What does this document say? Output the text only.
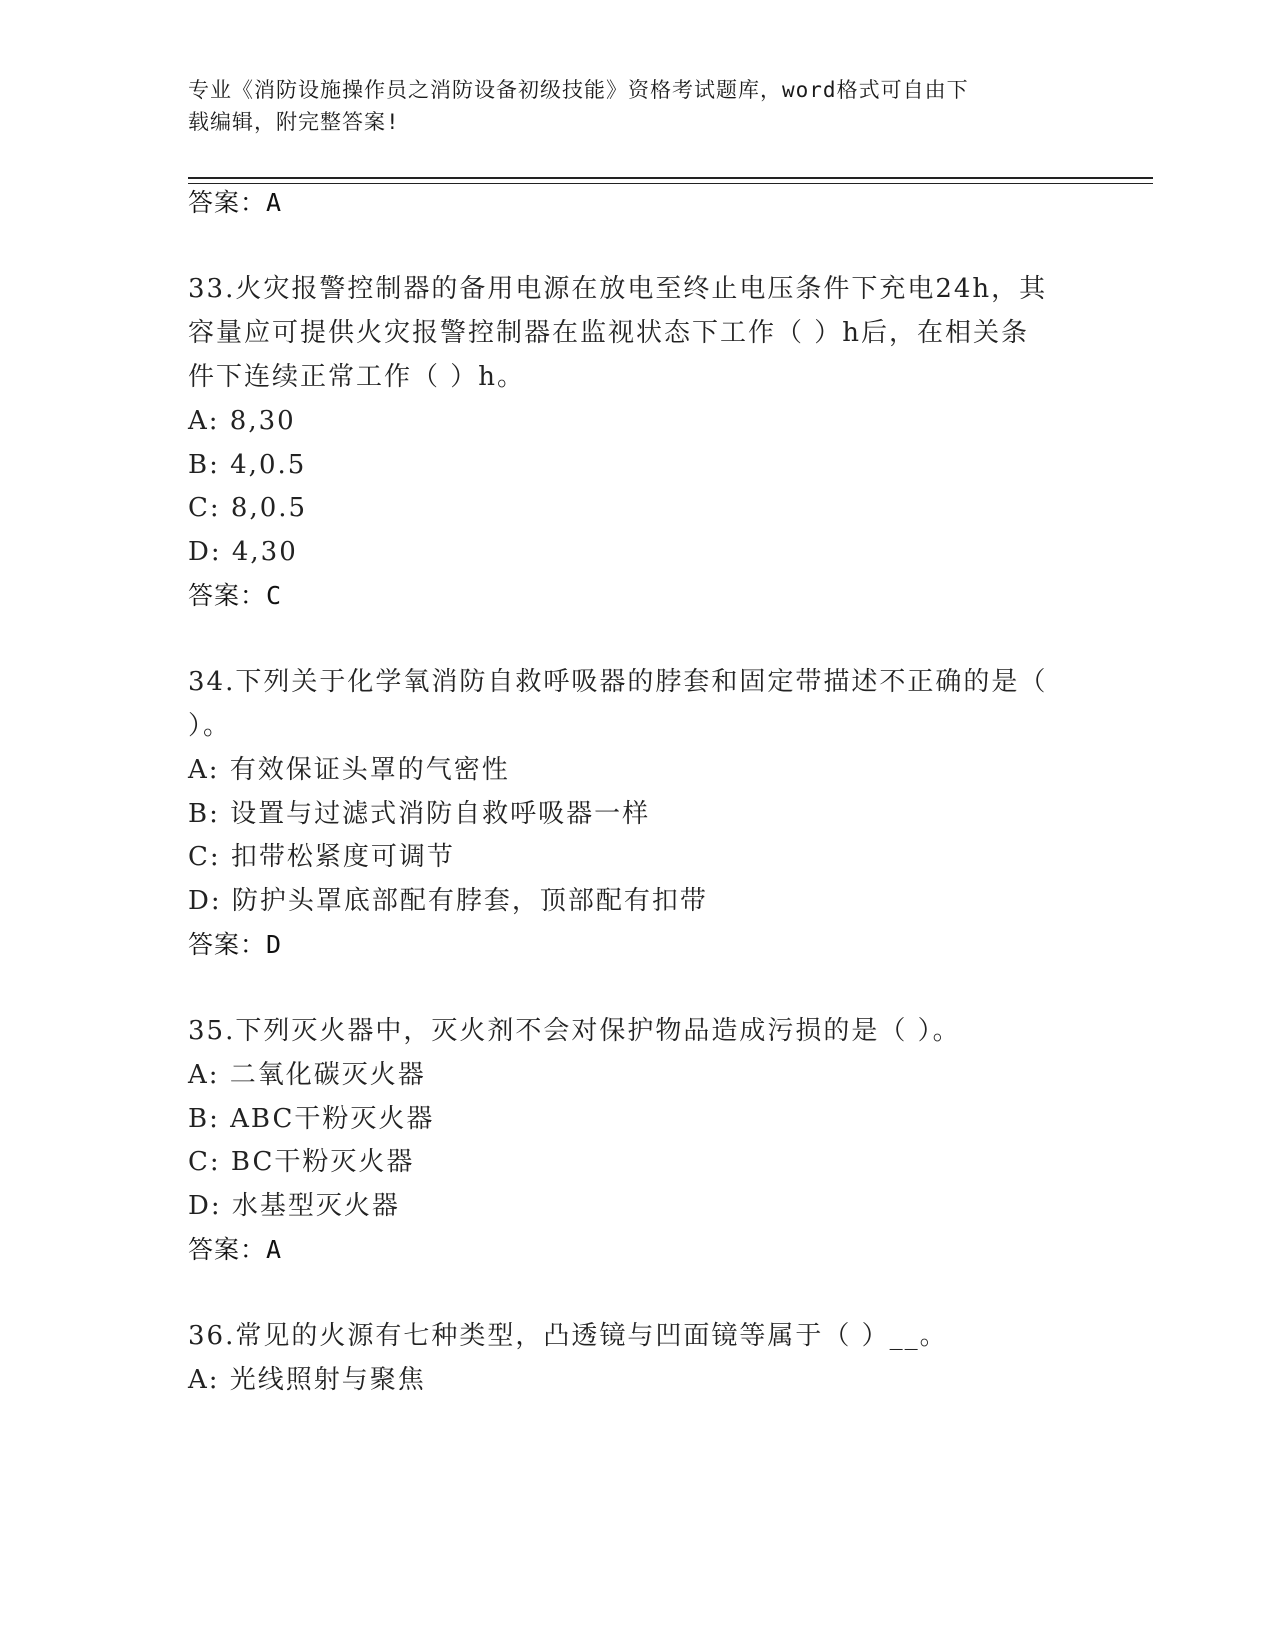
专业《消防设施操作员之消防设备初级技能》资格考试题库，word格式可自由下
载编辑，附完整答案!
答案：A
33.火灾报警控制器的备用电源在放电至终止电压条件下充电24h，其
容量应可提供火灾报警控制器在监视状态下工作（ ）h后，在相关条
件下连续正常工作（ ）h。
A: 8,30
B: 4,0.5
C: 8,0.5
D: 4,30
答案：C
34.下列关于化学氧消防自救呼吸器的脖套和固定带描述不正确的是（
）。
A: 有效保证头罩的气密性
B: 设置与过滤式消防自救呼吸器一样
C: 扣带松紧度可调节
D: 防护头罩底部配有脖套，顶部配有扣带
答案：D
35.下列灭火器中，灭火剂不会对保护物品造成污损的是（ ）。
A: 二氧化碳灭火器
B: ABC干粉灭火器
C: BC干粉灭火器
D: 水基型灭火器
答案：A
36.常见的火源有七种类型，凸透镜与凹面镜等属于（ ）__。
A: 光线照射与聚焦
